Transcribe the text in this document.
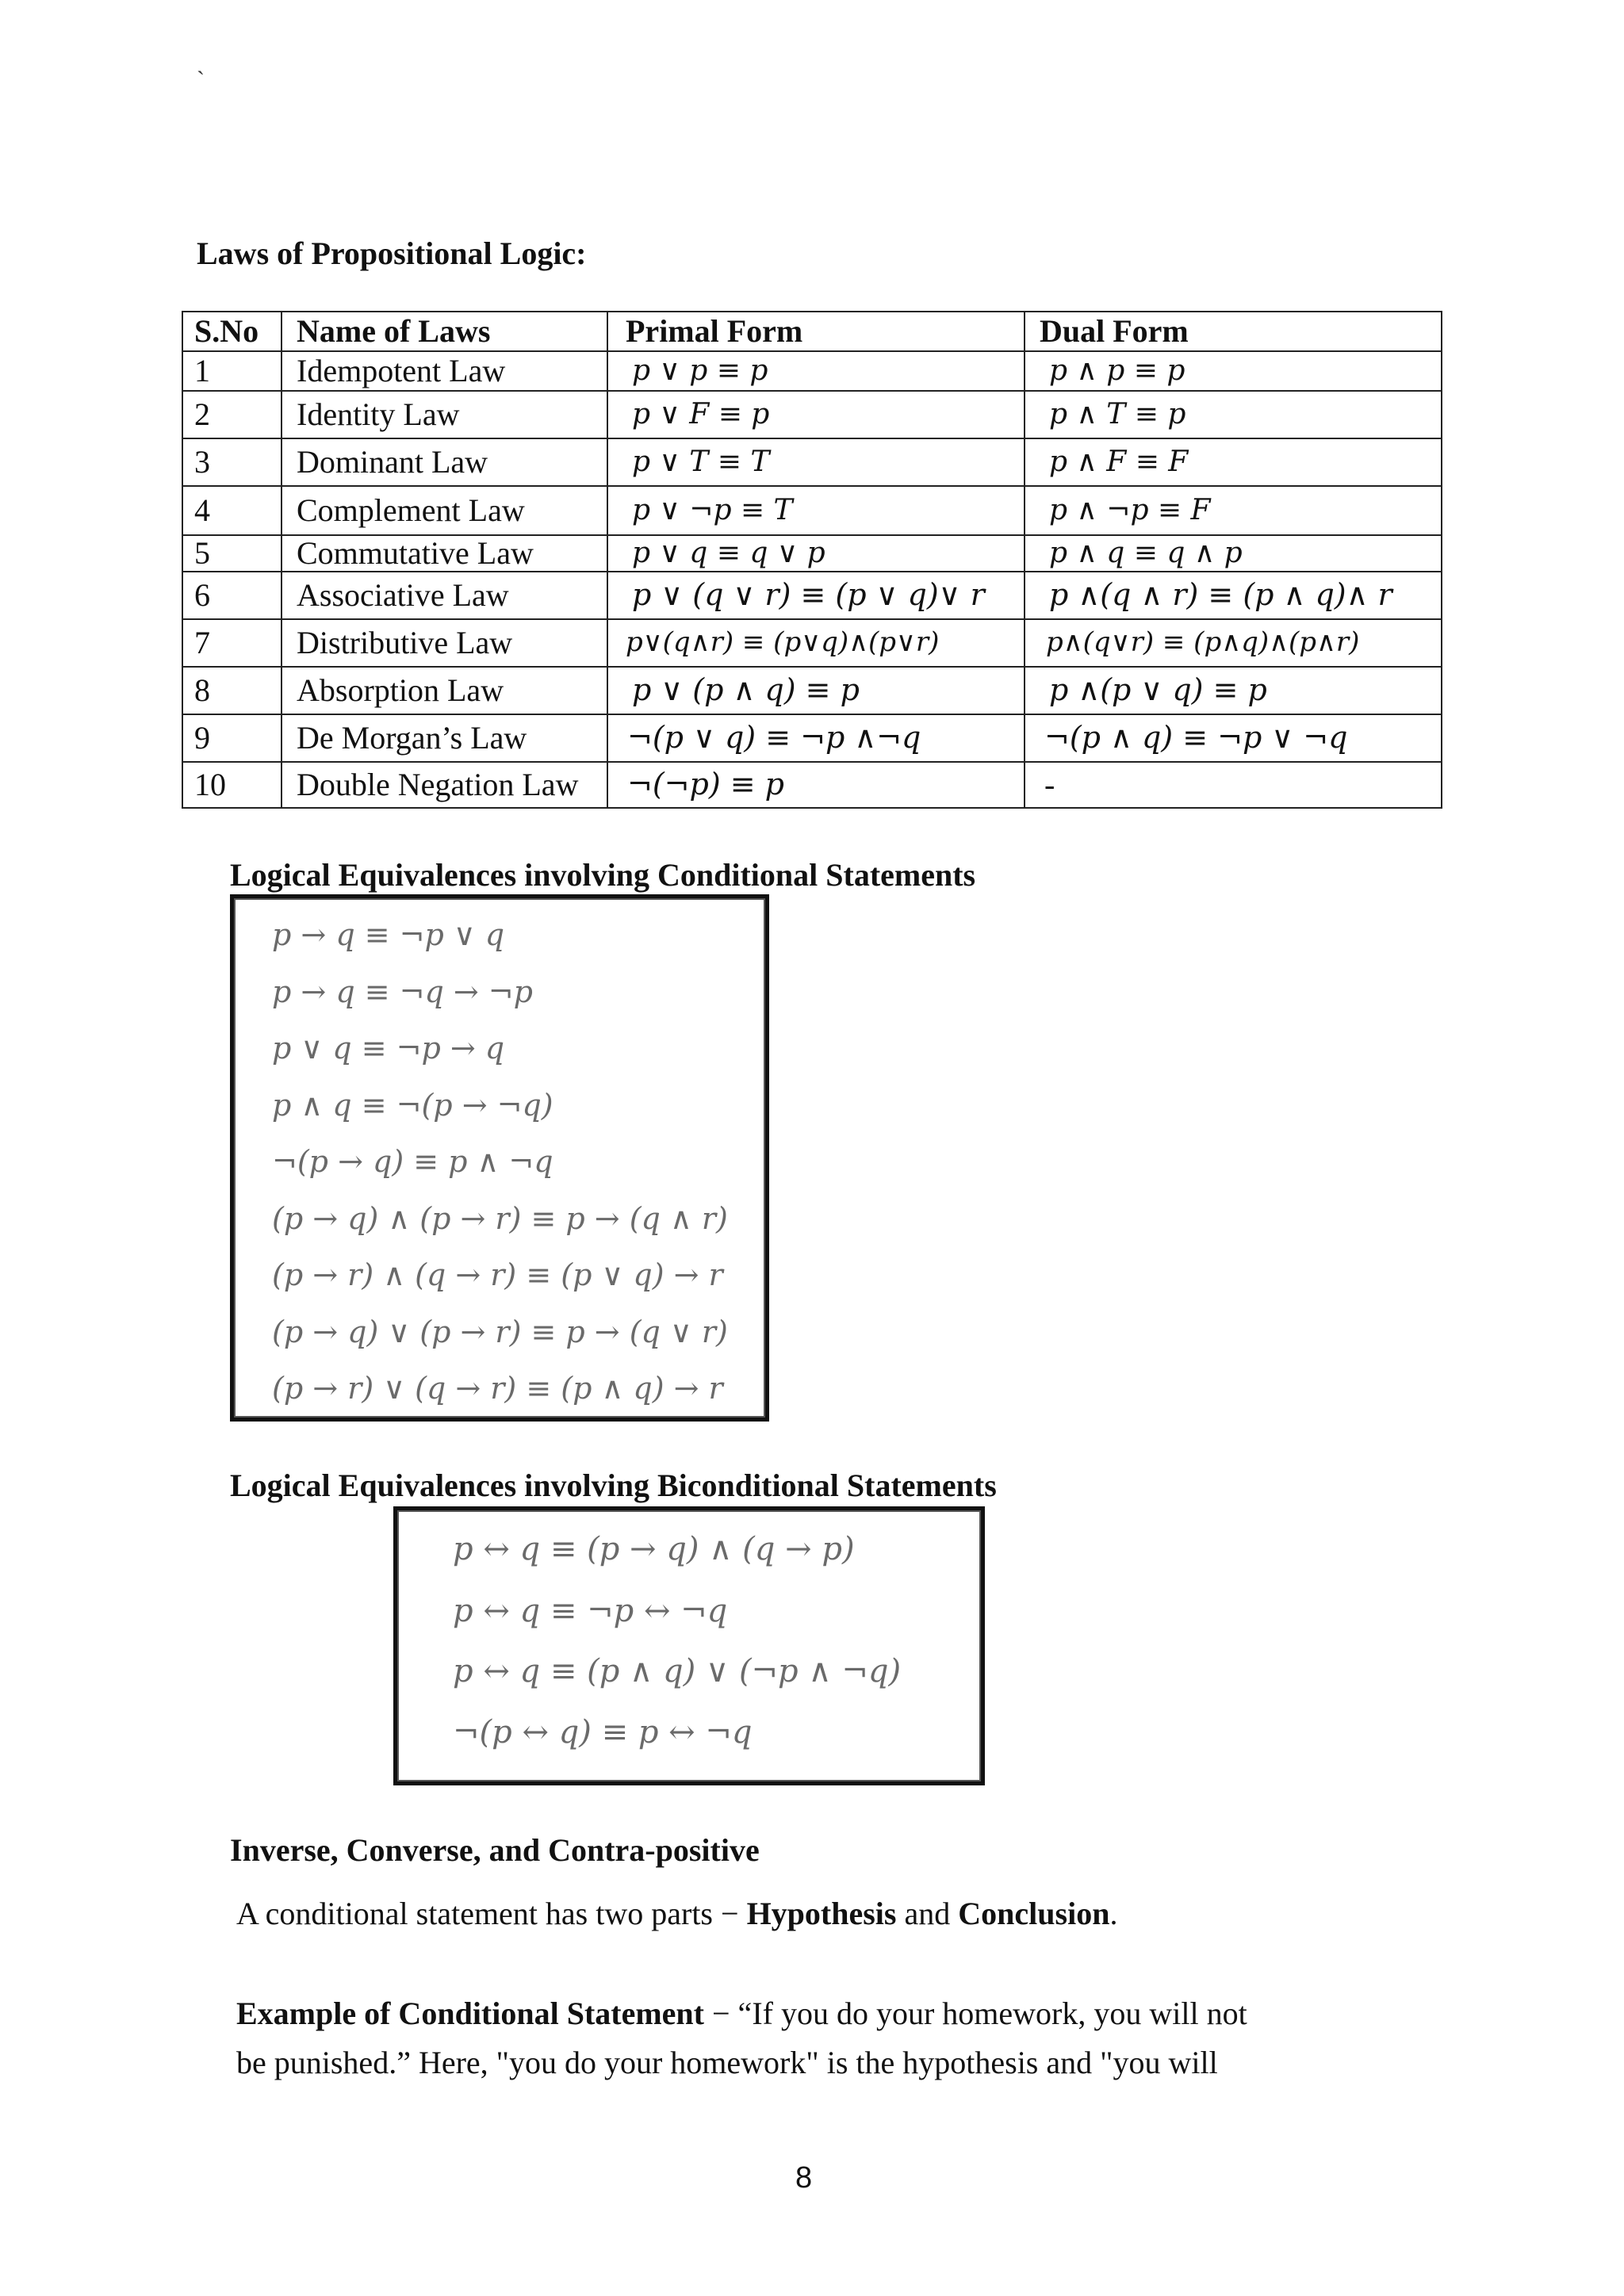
`
Laws of Propositional Logic:
S.No	Name of Laws	Primal Form	Dual Form
1	Idempotent Law	p ∨ p ≡ p	p ∧ p ≡ p
2	Identity Law	p ∨ F ≡ p	p ∧ T ≡ p
3	Dominant Law	p ∨ T ≡ T	p ∧ F ≡ F
4	Complement Law	p ∨ ¬p ≡ T	p ∧ ¬p ≡ F
5	Commutative Law	p ∨ q ≡ q ∨ p	p ∧ q ≡ q ∧ p
6	Associative Law	p ∨ (q ∨ r) ≡ (p ∨ q)∨ r	p ∧(q ∧ r) ≡ (p ∧ q)∧ r
7	Distributive Law	p∨(q∧r) ≡ (p∨q)∧(p∨r)	p∧(q∨r) ≡ (p∧q)∧(p∧r)
8	Absorption Law	p ∨ (p ∧ q) ≡ p	p ∧(p ∨ q) ≡ p
9	De Morgan’s Law	¬(p ∨ q) ≡ ¬p ∧¬q	¬(p ∧ q) ≡ ¬p ∨ ¬q
10	Double Negation Law	¬(¬p) ≡ p	-
Logical Equivalences involving Conditional Statements
p → q ≡ ¬p ∨ q
p → q ≡ ¬q → ¬p
p ∨ q ≡ ¬p → q
p ∧ q ≡ ¬(p → ¬q)
¬(p → q) ≡ p ∧ ¬q
(p → q) ∧ (p → r) ≡ p → (q ∧ r)
(p → r) ∧ (q → r) ≡ (p ∨ q) → r
(p → q) ∨ (p → r) ≡ p → (q ∨ r)
(p → r) ∨ (q → r) ≡ (p ∧ q) → r
Logical Equivalences involving Biconditional Statements
p ↔ q ≡ (p → q) ∧ (q → p)
p ↔ q ≡ ¬p ↔ ¬q
p ↔ q ≡ (p ∧ q) ∨ (¬p ∧ ¬q)
¬(p ↔ q) ≡ p ↔ ¬q
Inverse, Converse, and Contra-positive
A conditional statement has two parts − Hypothesis and Conclusion.
Example of Conditional Statement − “If you do your homework, you will not
be punished.” Here, "you do your homework" is the hypothesis and "you will
8
